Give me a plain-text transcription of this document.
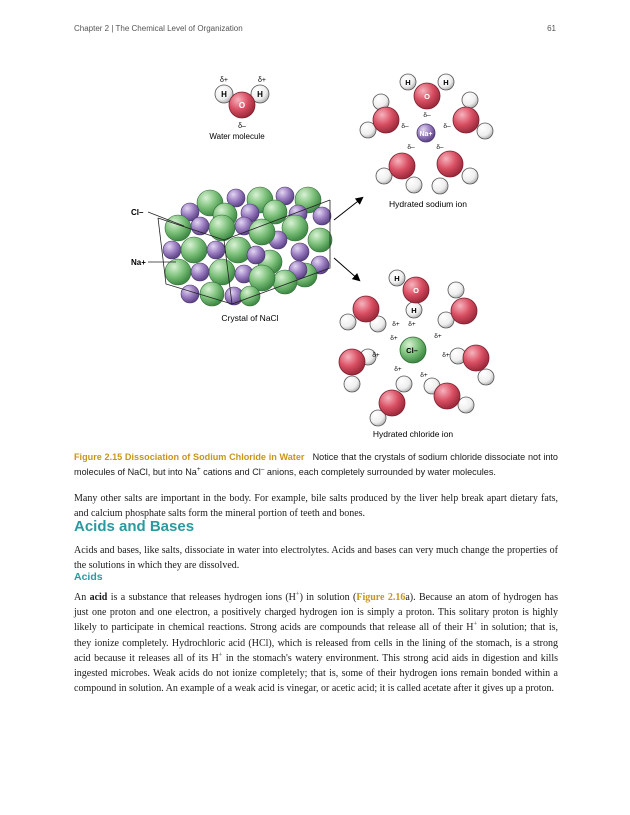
Chapter 2 | The Chemical Level of Organization	61
H	H
O
δ+	δ+
δ–
Water molecule
Cl–
Na+
Crystal of NaCl
H	H
O
Na+
δ–
δ–	δ–
δ–	δ–
Hydrated sodium ion
H
H
O
Cl–
δ+ δ+
δ+	δ+
δ+	δ+
δ+
δ+
Hydrated chloride ion
Figure 2.15 Dissociation of Sodium Chloride in Water Notice that the crystals of sodium chloride dissociate not into molecules of NaCl, but into Na+ cations and Cl– anions, each completely surrounded by water molecules.

Many other salts are important in the body. For example, bile salts produced by the liver help break apart dietary fats, and calcium phosphate salts form the mineral portion of teeth and bones.

Acids and Bases

Acids and bases, like salts, dissociate in water into electrolytes. Acids and bases can very much change the properties of the solutions in which they are dissolved.

Acids

An acid is a substance that releases hydrogen ions (H+) in solution (Figure 2.16a). Because an atom of hydrogen has just one proton and one electron, a positively charged hydrogen ion is simply a proton. This solitary proton is highly likely to participate in chemical reactions. Strong acids are compounds that release all of their H+ in solution; that is, they ionize completely. Hydrochloric acid (HCl), which is released from cells in the lining of the stomach, is a strong acid because it releases all of its H+ in the stomach's watery environment. This strong acid aids in digestion and kills ingested microbes. Weak acids do not ionize completely; that is, some of their hydrogen ions remain bonded within a compound in solution. An example of a weak acid is vinegar, or acetic acid; it is called acetate after it gives up a proton.
